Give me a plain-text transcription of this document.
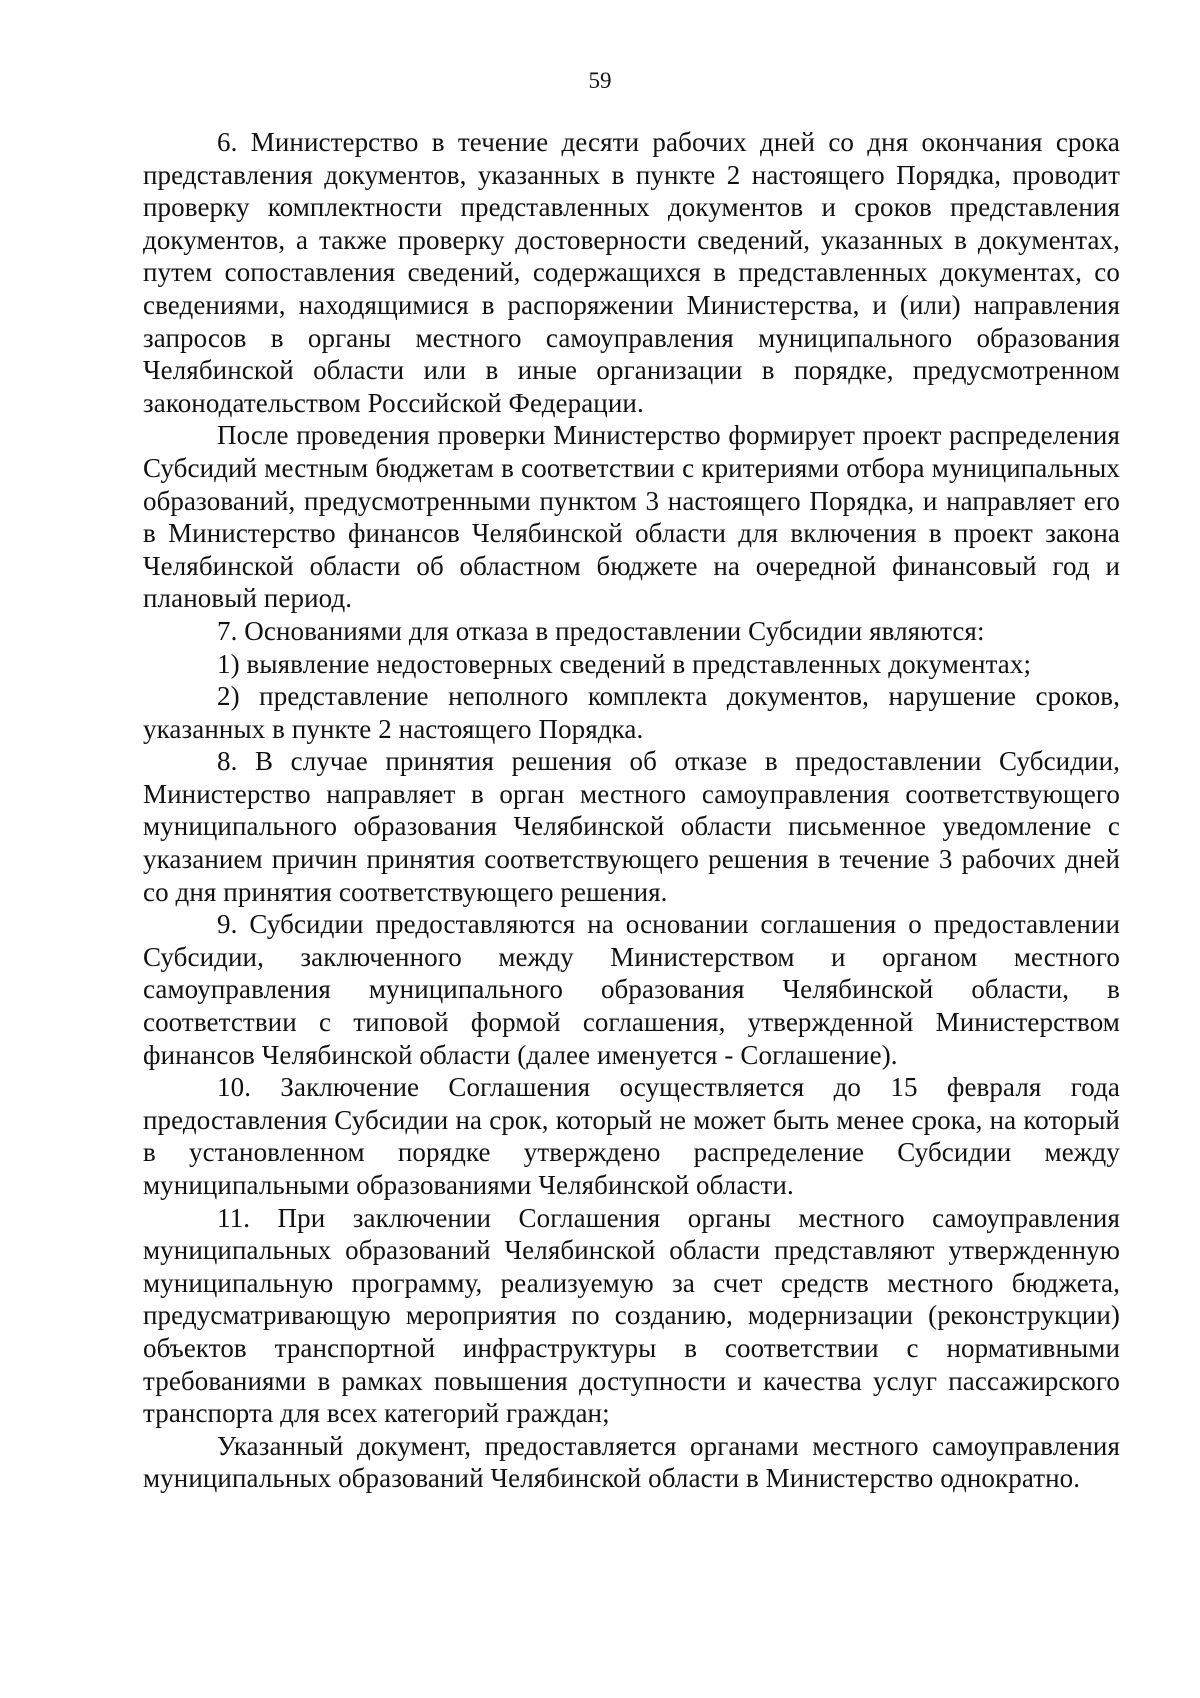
59

6. Министерство в течение десяти рабочих дней со дня окончания срока представления документов, указанных в пункте 2 настоящего Порядка, проводит проверку комплектности представленных документов и сроков представления документов, а также проверку достоверности сведений, указанных в документах, путем сопоставления сведений, содержащихся в представленных документах, со сведениями, находящимися в распоряжении Министерства, и (или) направления запросов в органы местного самоуправления муниципального образования Челябинской области или в иные организации в порядке, предусмотренном законодательством Российской Федерации.

После проведения проверки Министерство формирует проект распределения Субсидий местным бюджетам в соответствии с критериями отбора муниципальных образований, предусмотренными пунктом 3 настоящего Порядка, и направляет его в Министерство финансов Челябинской области для включения в проект закона Челябинской области об областном бюджете на очередной финансовый год и плановый период.

7. Основаниями для отказа в предоставлении Субсидии являются:

1) выявление недостоверных сведений в представленных документах;

2) представление неполного комплекта документов, нарушение сроков, указанных в пункте 2 настоящего Порядка.

8. В случае принятия решения об отказе в предоставлении Субсидии, Министерство направляет в орган местного самоуправления соответствующего муниципального образования Челябинской области письменное уведомление с указанием причин принятия соответствующего решения в течение 3 рабочих дней со дня принятия соответствующего решения.

9. Субсидии предоставляются на основании соглашения о предоставлении Субсидии, заключенного между Министерством и органом местного самоуправления муниципального образования Челябинской области, в соответствии с типовой формой соглашения, утвержденной Министерством финансов Челябинской области (далее именуется - Соглашение).

10. Заключение Соглашения осуществляется до 15 февраля года предоставления Субсидии на срок, который не может быть менее срока, на который в установленном порядке утверждено распределение Субсидии между муниципальными образованиями Челябинской области.

11. При заключении Соглашения органы местного самоуправления муниципальных образований Челябинской области представляют утвержденную муниципальную программу, реализуемую за счет средств местного бюджета, предусматривающую мероприятия по созданию, модернизации (реконструкции) объектов транспортной инфраструктуры в соответствии с нормативными требованиями в рамках повышения доступности и качества услуг пассажирского транспорта для всех категорий граждан;

Указанный документ, предоставляется органами местного самоуправления муниципальных образований Челябинской области в Министерство однократно.
